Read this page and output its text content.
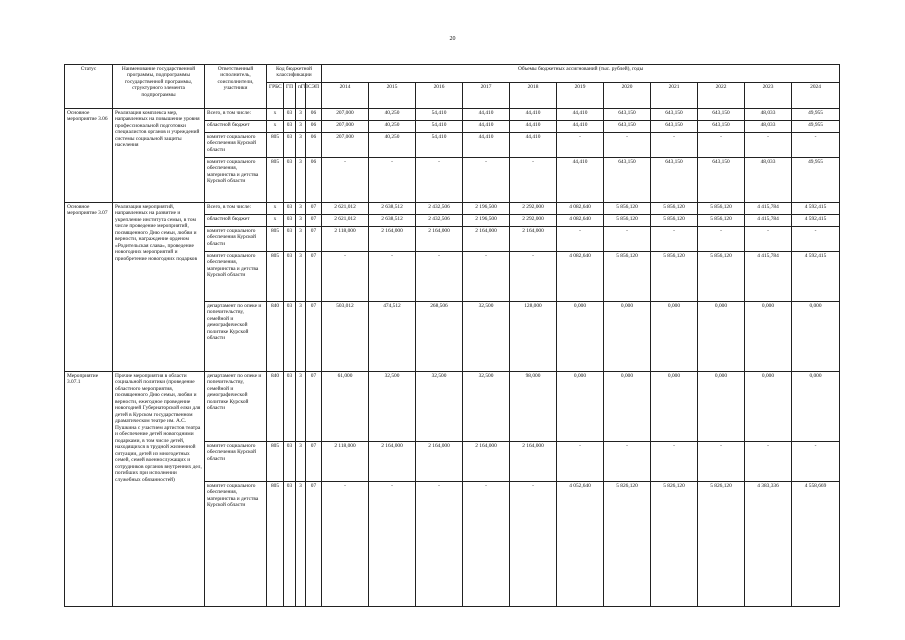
20
Статус	Наименование государственной программы, подпрограммы государственной программы, структурного элемента подпрограммы	Ответственный исполнитель, соисполнители, участники	Код бюджетной классификации				Объемы бюджетных ассигнований (тыс. рублей), годы										
			ГРБС	ГП	пГП	СЭП	2014	2015	2016	2017	2018	2019	2020	2021	2022	2023	2024
Основное мероприятие 3.06	Реализация комплекса мер, направленных на повышение уровня профессиональной подготовки специалистов органов и учреждений системы социальной защиты населения	Всего, в том числе:	x	03	3	06	207,000	40,250	54,410	44,410	44,410	44,410	643,150	643,150	643,150	48,033	49,955
		областной бюджет	x	03	3	06	207,000	40,250	54,410	44,410	44,410	44,410	643,150	643,150	643,150	48,033	49,955
		комитет социального обеспечения Курской области	805	03	3	06	207,000	40,250	54,410	44,410	44,410	-	-	-	-	-	-
		комитет социального обеспечения, материнства и детства Курской области	805	03	3	06	-	-	-	-	-	44,410	643,150	643,150	643,150	48,033	49,955
Основное мероприятие 3.07	Реализация мероприятий, направленных на развитие и укрепление института семьи, в том числе проведение мероприятий, посвященного Дню семьи, любви и верности, награждение орденом «Родительская слава», проведение новогодних мероприятий и приобретение новогодних подарков	Всего, в том числе:	x	03	3	07	2 621,012	2 638,512	2 432,506	2 196,500	2 292,000	4 082,640	5 856,120	5 856,120	5 856,120	4 415,784	4 592,415
		областной бюджет	x	03	3	07	2 621,012	2 638,512	2 432,506	2 196,500	2 292,000	4 082,640	5 856,120	5 856,120	5 856,120	4 415,784	4 592,415
		комитет социального обеспечения Курской области	805	03	3	07	2 118,000	2 164,000	2 164,000	2 164,000	2 164,000	-	-	-	-	-	-
		комитет социального обеспечения, материнства и детства Курской области	805	03	3	07	-	-	-	-	-	4 082,640	5 856,120	5 856,120	5 856,120	4 415,784	4 592,415
		департамент по опеке и попечительству, семейной и демографической политике Курской области	840	03	3	07	503,012	474,512	268,506	32,500	128,000	0,000	0,000	0,000	0,000	0,000	0,000
Мероприятие 3.07.1	Прочие мероприятия в области социальной политики (проведение областного мероприятия, посвященного Дню семьи, любви и верности, ежегодное проведение новогодней Губернаторской елки для детей в Курском государственном драматическом театре им. А.С. Пушкина с участием артистов театра и обеспечение детей новогодними подарками, в том числе детей, находящихся в трудной жизненной ситуации, детей из многодетных семей, семей военнослужащих и сотрудников органов внутренних дел, погибших при исполнении служебных обязанностей)	департамент по опеке и попечительству, семейной и демографической политике Курской области	840	03	3	07	61,000	32,500	32,500	32,500	98,000	0,000	0,000	0,000	0,000	0,000	0,000
		комитет социального обеспечения Курской области	805	03	3	07	2 118,000	2 164,000	2 164,000	2 164,000	2 164,000	-	-	-	-	-	-
		комитет социального обеспечения, материнства и детства Курской области	805	03	3	07	-	-	-	-	-	4 052,640	5 826,120	5 826,120	5 826,120	4 383,336	4 558,669
